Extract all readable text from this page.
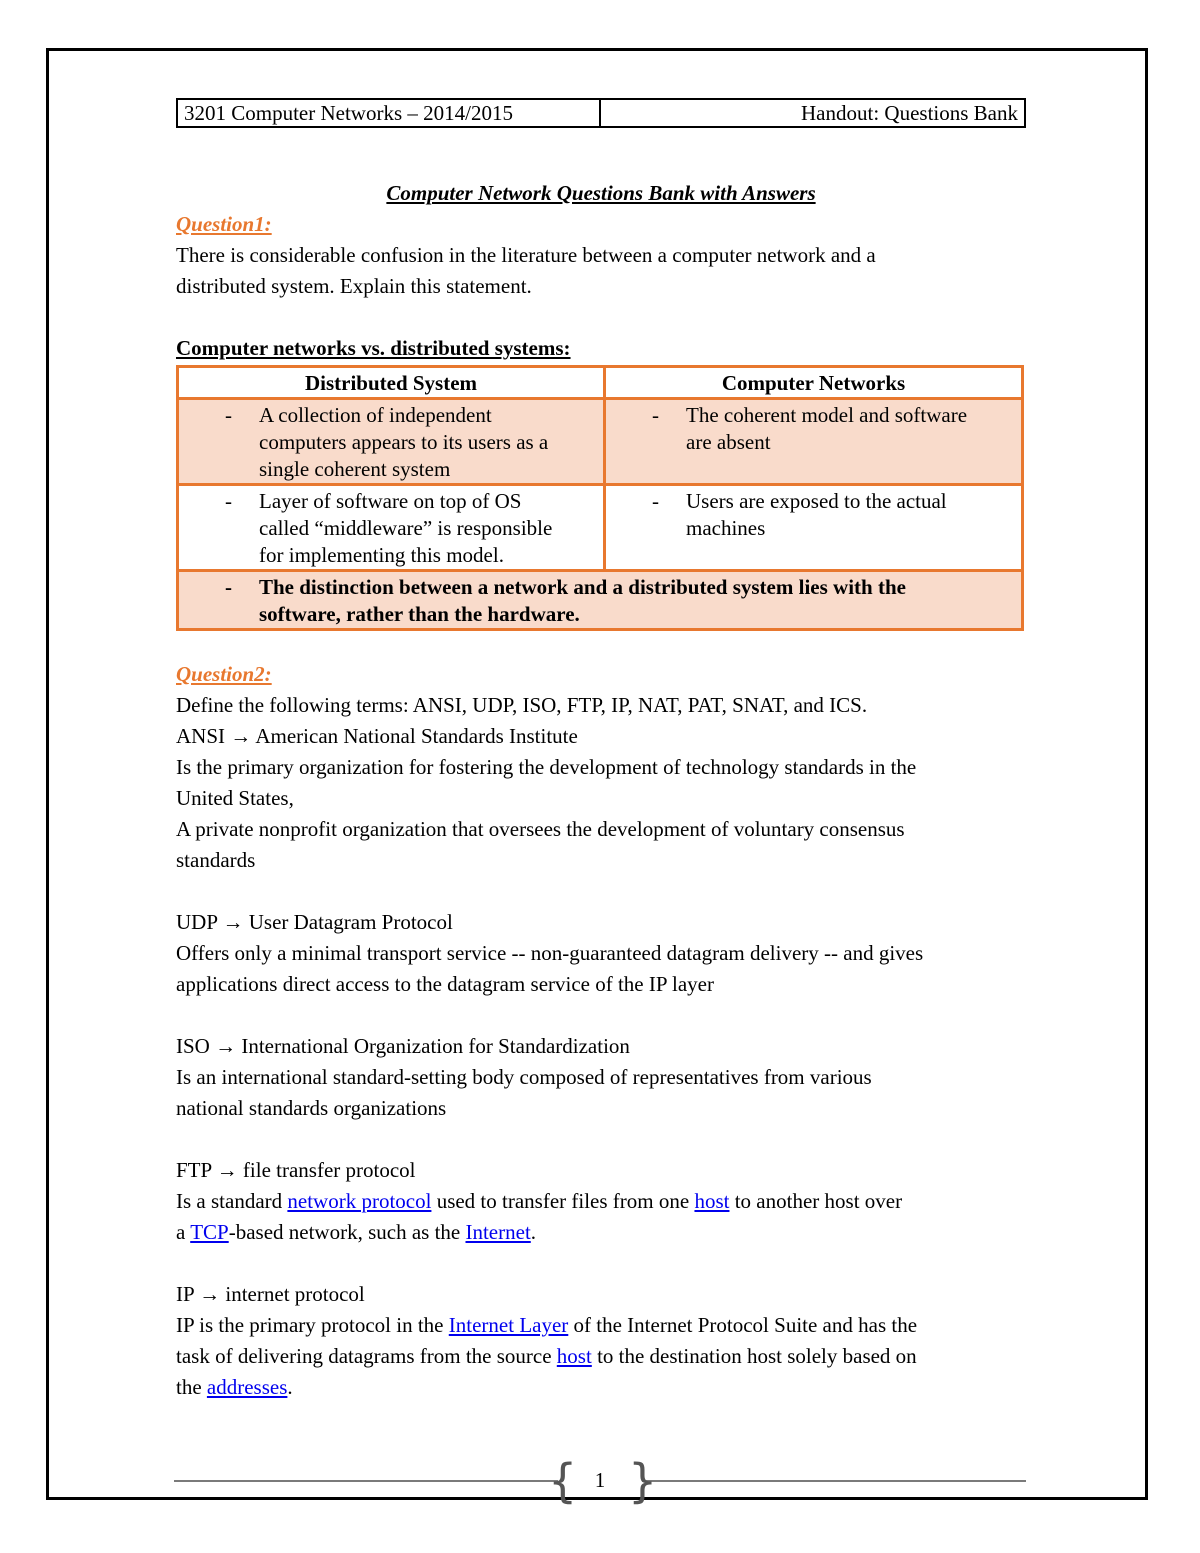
3201 Computer Networks – 2014/2015	Handout: Questions Bank

Computer Network Questions Bank with Answers

Question1:

There is considerable confusion in the literature between a computer network and a

distributed system. Explain this statement.

Computer networks vs. distributed systems:

Distributed System	Computer Networks

- A collection of independent
computers appears to its users as a
single coherent system	- The coherent model and software
are absent

- Layer of software on top of OS
called “middleware” is responsible
for implementing this model.	- Users are exposed to the actual
machines

- The distinction between a network and a distributed system lies with the
software, rather than the hardware.	

Question2:

Define the following terms: ANSI, UDP, ISO, FTP, IP, NAT, PAT, SNAT, and ICS.

ANSI → American National Standards Institute

Is the primary organization for fostering the development of technology standards in the

United States,

A private nonprofit organization that oversees the development of voluntary consensus

standards

UDP → User Datagram Protocol

Offers only a minimal transport service -- non-guaranteed datagram delivery -- and gives

applications direct access to the datagram service of the IP layer

ISO → International Organization for Standardization

Is an international standard-setting body composed of representatives from various

national standards organizations

FTP → file transfer protocol

Is a standard network protocol used to transfer files from one host to another host over

a TCP-based network, such as the Internet.

IP → internet protocol

IP is the primary protocol in the Internet Layer of the Internet Protocol Suite and has the

task of delivering datagrams from the source host to the destination host solely based on

the addresses.

{ }
1
